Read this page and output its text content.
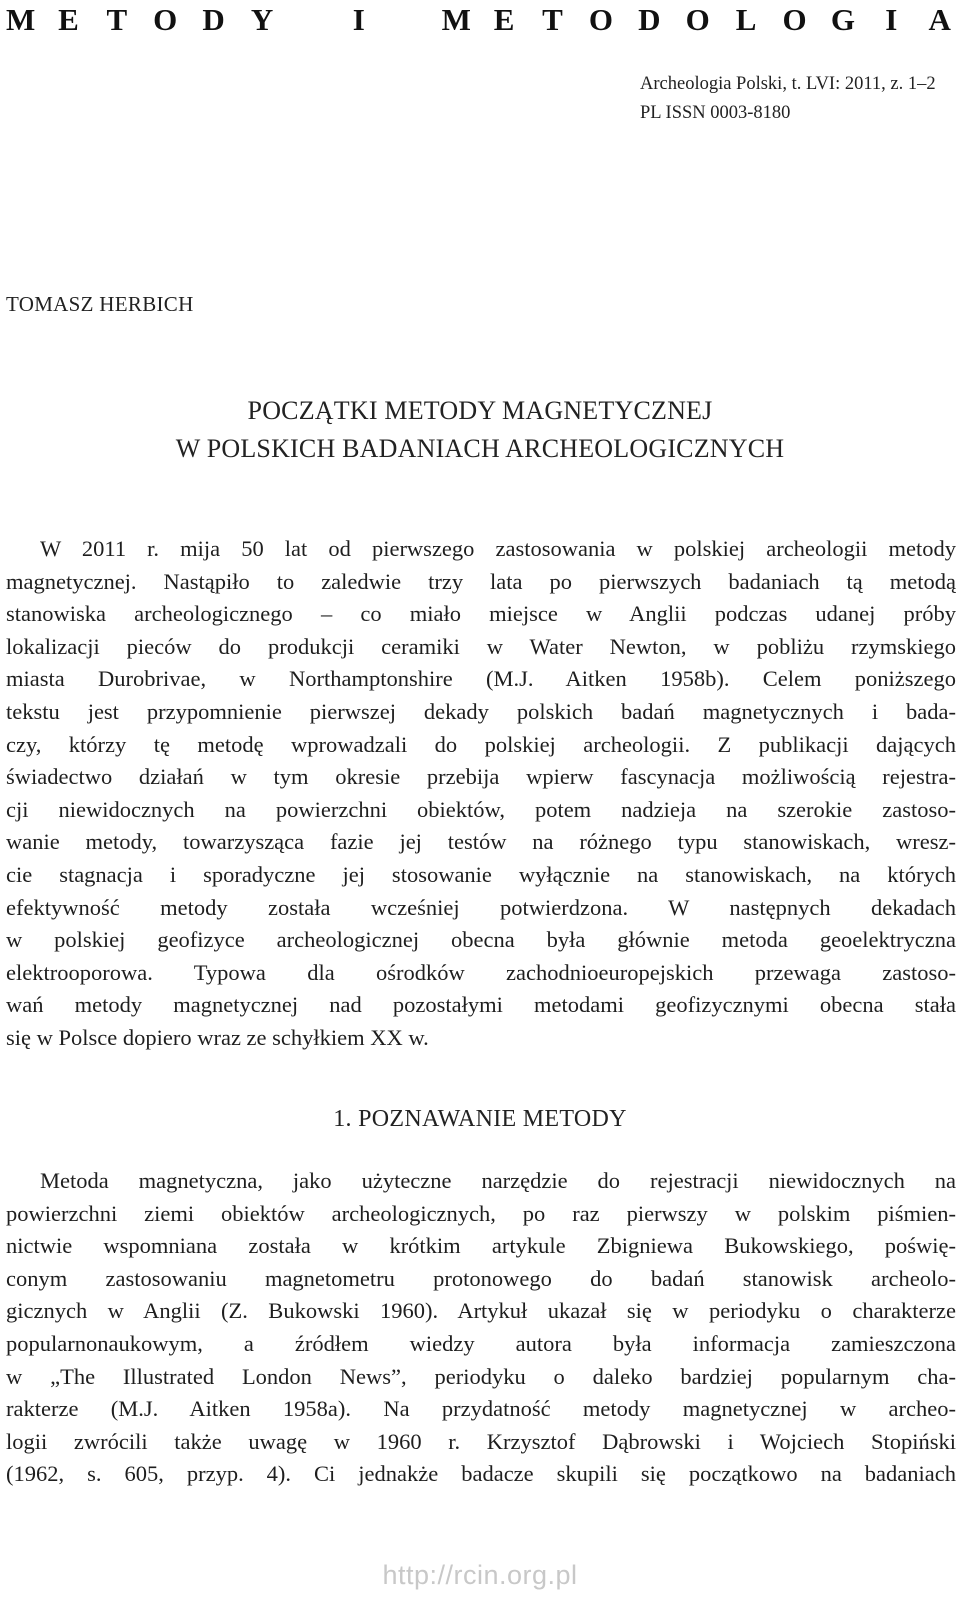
M E T O D Y	I M E T O D O L O G I A
Archeologia Polski, t. LVI: 2011, z. 1–2
PL ISSN 0003-8180
TOMASZ HERBICH
POCZĄTKI METODY MAGNETYCZNEJ
W POLSKICH BADANIACH ARCHEOLOGICZNYCH
W 2011 r. mija 50 lat od pierwszego zastosowania w polskiej archeologii metody
magnetycznej. Nastąpiło to zaledwie trzy lata po pierwszych badaniach tą metodą
stanowiska archeologicznego – co miało miejsce w Anglii podczas udanej próby
lokalizacji pieców do produkcji ceramiki w Water Newton, w pobliżu rzymskiego
miasta Durobrivae, w Northamptonshire (M.J. Aitken 1958b). Celem poniższego
tekstu jest przypomnienie pierwszej dekady polskich badań magnetycznych i bada-
czy, którzy tę metodę wprowadzali do polskiej archeologii. Z publikacji dających
świadectwo działań w tym okresie przebija wpierw fascynacja możliwością rejestra-
cji niewidocznych na powierzchni obiektów, potem nadzieja na szerokie zastoso-
wanie metody, towarzysząca fazie jej testów na różnego typu stanowiskach, wresz-
cie stagnacja i sporadyczne jej stosowanie wyłącznie na stanowiskach, na których
efektywność metody została wcześniej potwierdzona. W następnych dekadach
w polskiej geofizyce archeologicznej obecna była głównie metoda geoelektryczna
elektrooporowa. Typowa dla ośrodków zachodnioeuropejskich przewaga zastoso-
wań metody magnetycznej nad pozostałymi metodami geofizycznymi obecna stała
się w Polsce dopiero wraz ze schyłkiem XX w.
1. POZNAWANIE METODY
Metoda magnetyczna, jako użyteczne narzędzie do rejestracji niewidocznych na
powierzchni ziemi obiektów archeologicznych, po raz pierwszy w polskim piśmien-
nictwie wspomniana została w krótkim artykule Zbigniewa Bukowskiego, poświę-
conym zastosowaniu magnetometru protonowego do badań stanowisk archeolo-
gicznych w Anglii (Z. Bukowski 1960). Artykuł ukazał się w periodyku o charakterze
popularnonaukowym, a źródłem wiedzy autora była informacja zamieszczona
w „The Illustrated London News”, periodyku o daleko bardziej popularnym cha-
rakterze (M.J. Aitken 1958a). Na przydatność metody magnetycznej w archeo-
logii zwrócili także uwagę w 1960 r. Krzysztof Dąbrowski i Wojciech Stopiński
(1962, s. 605, przyp. 4). Ci jednakże badacze skupili się początkowo na badaniach
http://rcin.org.pl
